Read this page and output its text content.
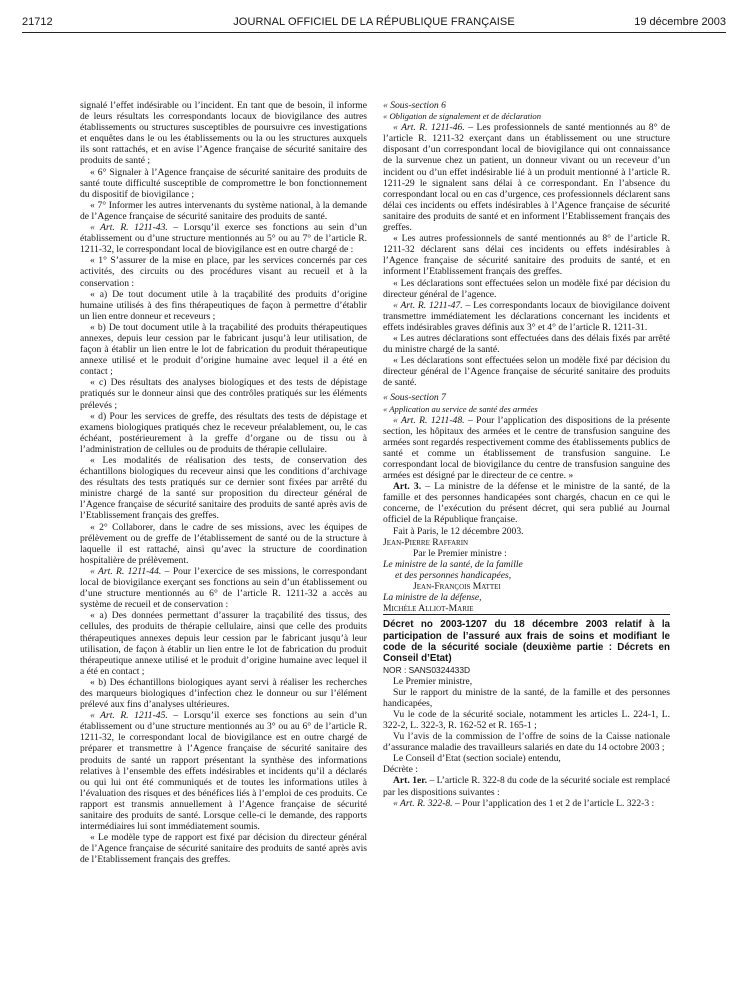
21712	JOURNAL OFFICIEL DE LA RÉPUBLIQUE FRANÇAISE	19 décembre 2003

signalé l’effet indésirable ou l’incident. En tant que de besoin, il informe de leurs résultats les correspondants locaux de biovigilance des autres établissements ou structures susceptibles de poursuivre ces investigations et enquêtes dans le ou les établissements ou la ou les structures auxquels ils sont rattachés, et en avise l’Agence française de sécurité sanitaire des produits de santé ;

« 6° Signaler à l’Agence française de sécurité sanitaire des produits de santé toute difficulté susceptible de compromettre le bon fonctionnement du dispositif de biovigilance ;

« 7° Informer les autres intervenants du système national, à la demande de l’Agence française de sécurité sanitaire des produits de santé.

« Art. R. 1211-43. – Lorsqu’il exerce ses fonctions au sein d’un établissement ou d’une structure mentionnés au 5° ou au 7° de l’article R. 1211-32, le correspondant local de biovigilance est en outre chargé de :

« 1° S’assurer de la mise en place, par les services concernés par ces activités, des circuits ou des procédures visant au recueil et à la conservation :

« a) De tout document utile à la traçabilité des produits d’origine humaine utilisés à des fins thérapeutiques de façon à permettre d’établir un lien entre donneur et receveurs ;

« b) De tout document utile à la traçabilité des produits thérapeutiques annexes, depuis leur cession par le fabricant jusqu’à leur utilisation, de façon à établir un lien entre le lot de fabrication du produit thérapeutique annexe utilisé et le produit d’origine humaine avec lequel il a été en contact ;

« c) Des résultats des analyses biologiques et des tests de dépistage pratiqués sur le donneur ainsi que des contrôles pratiqués sur les éléments prélevés ;

« d) Pour les services de greffe, des résultats des tests de dépistage et examens biologiques pratiqués chez le receveur préalablement, ou, le cas échéant, postérieurement à la greffe d’organe ou de tissu ou à l’administration de cellules ou de produits de thérapie cellulaire.

« Les modalités de réalisation des tests, de conservation des échantillons biologiques du receveur ainsi que les conditions d’archivage des résultats des tests pratiqués sur ce dernier sont fixées par arrêté du ministre chargé de la santé sur proposition du directeur général de l’Agence française de sécurité sanitaire des produits de santé après avis de l’Etablissement français des greffes.

« 2° Collaborer, dans le cadre de ses missions, avec les équipes de prélèvement ou de greffe de l’établissement de santé ou de la structure à laquelle il est rattaché, ainsi qu’avec la structure de coordination hospitalière de prélèvement.

« Art. R. 1211-44. – Pour l’exercice de ses missions, le correspondant local de biovigilance exerçant ses fonctions au sein d’un établissement ou d’une structure mentionnés au 6° de l’article R. 1211-32 a accès au système de recueil et de conservation :

« a) Des données permettant d’assurer la traçabilité des tissus, des cellules, des produits de thérapie cellulaire, ainsi que celle des produits thérapeutiques annexes depuis leur cession par le fabricant jusqu’à leur utilisation, de façon à établir un lien entre le lot de fabrication du produit thérapeutique annexe utilisé et le produit d’origine humaine avec lequel il a été en contact ;

« b) Des échantillons biologiques ayant servi à réaliser les recherches des marqueurs biologiques d’infection chez le donneur ou sur l’élément prélevé aux fins d’analyses ultérieures.

« Art. R. 1211-45. – Lorsqu’il exerce ses fonctions au sein d’un établissement ou d’une structure mentionnés au 3° ou au 6° de l’article R. 1211-32, le correspondant local de biovigilance est en outre chargé de préparer et transmettre à l’Agence française de sécurité sanitaire des produits de santé un rapport présentant la synthèse des informations relatives à l’ensemble des effets indésirables et incidents qu’il a déclarés ou qui lui ont été communiqués et de toutes les informations utiles à l’évaluation des risques et des bénéfices liés à l’emploi de ces produits. Ce rapport est transmis annuellement à l’Agence française de sécurité sanitaire des produits de santé. Lorsque celle-ci le demande, des rapports intermédiaires lui sont immédiatement soumis.

« Le modèle type de rapport est fixé par décision du directeur général de l’Agence française de sécurité sanitaire des produits de santé après avis de l’Etablissement français des greffes.

« Sous-section 6

« Obligation de signalement et de déclaration

« Art. R. 1211-46. – Les professionnels de santé mentionnés au 8° de l’article R. 1211-32 exerçant dans un établissement ou une structure disposant d’un correspondant local de biovigilance qui ont connaissance de la survenue chez un patient, un donneur vivant ou un receveur d’un incident ou d’un effet indésirable lié à un produit mentionné à l’article R. 1211-29 le signalent sans délai à ce correspondant. En l’absence du correspondant local ou en cas d’urgence, ces professionnels déclarent sans délai ces incidents ou effets indésirables à l’Agence française de sécurité sanitaire des produits de santé et en informent l’Etablissement français des greffes.

« Les autres professionnels de santé mentionnés au 8° de l’article R. 1211-32 déclarent sans délai ces incidents ou effets indésirables à l’Agence française de sécurité sanitaire des produits de santé, et en informent l’Etablissement français des greffes.

« Les déclarations sont effectuées selon un modèle fixé par décision du directeur général de l’agence.

« Art. R. 1211-47. – Les correspondants locaux de biovigilance doivent transmettre immédiatement les déclarations concernant les incidents et effets indésirables graves définis aux 3° et 4° de l’article R. 1211-31.

« Les autres déclarations sont effectuées dans des délais fixés par arrêté du ministre chargé de la santé.

« Les déclarations sont effectuées selon un modèle fixé par décision du directeur général de l’Agence française de sécurité sanitaire des produits de santé.

« Sous-section 7

« Application au service de santé des armées

« Art. R. 1211-48. – Pour l’application des dispositions de la présente section, les hôpitaux des armées et le centre de transfusion sanguine des armées sont regardés respectivement comme des établissements publics de santé et comme un établissement de transfusion sanguine. Le correspondant local de biovigilance du centre de transfusion sanguine des armées est désigné par le directeur de ce centre. »

Art. 3. – La ministre de la défense et le ministre de la santé, de la famille et des personnes handicapées sont chargés, chacun en ce qui le concerne, de l’exécution du présent décret, qui sera publié au Journal officiel de la République française.

Fait à Paris, le 12 décembre 2003.

Jean-Pierre Raffarin

Par le Premier ministre :

Le ministre de la santé, de la famille

et des personnes handicapées,

Jean-François Mattei

La ministre de la défense,

Michèle Alliot-Marie

Décret no 2003-1207 du 18 décembre 2003 relatif à la participation de l’assuré aux frais de soins et modifiant le code de la sécurité sociale (deuxième partie : Décrets en Conseil d’Etat)

NOR : SANS0324433D

Le Premier ministre,

Sur le rapport du ministre de la santé, de la famille et des personnes handicapées,

Vu le code de la sécurité sociale, notamment les articles L. 224-1, L. 322-2, L. 322-3, R. 162-52 et R. 165-1 ;

Vu l’avis de la commission de l’offre de soins de la Caisse nationale d’assurance maladie des travailleurs salariés en date du 14 octobre 2003 ;

Le Conseil d’Etat (section sociale) entendu,

Décrète :

Art. 1er. – L’article R. 322-8 du code de la sécurité sociale est remplacé par les dispositions suivantes :

« Art. R. 322-8. – Pour l’application des 1 et 2 de l’article L. 322-3 :
